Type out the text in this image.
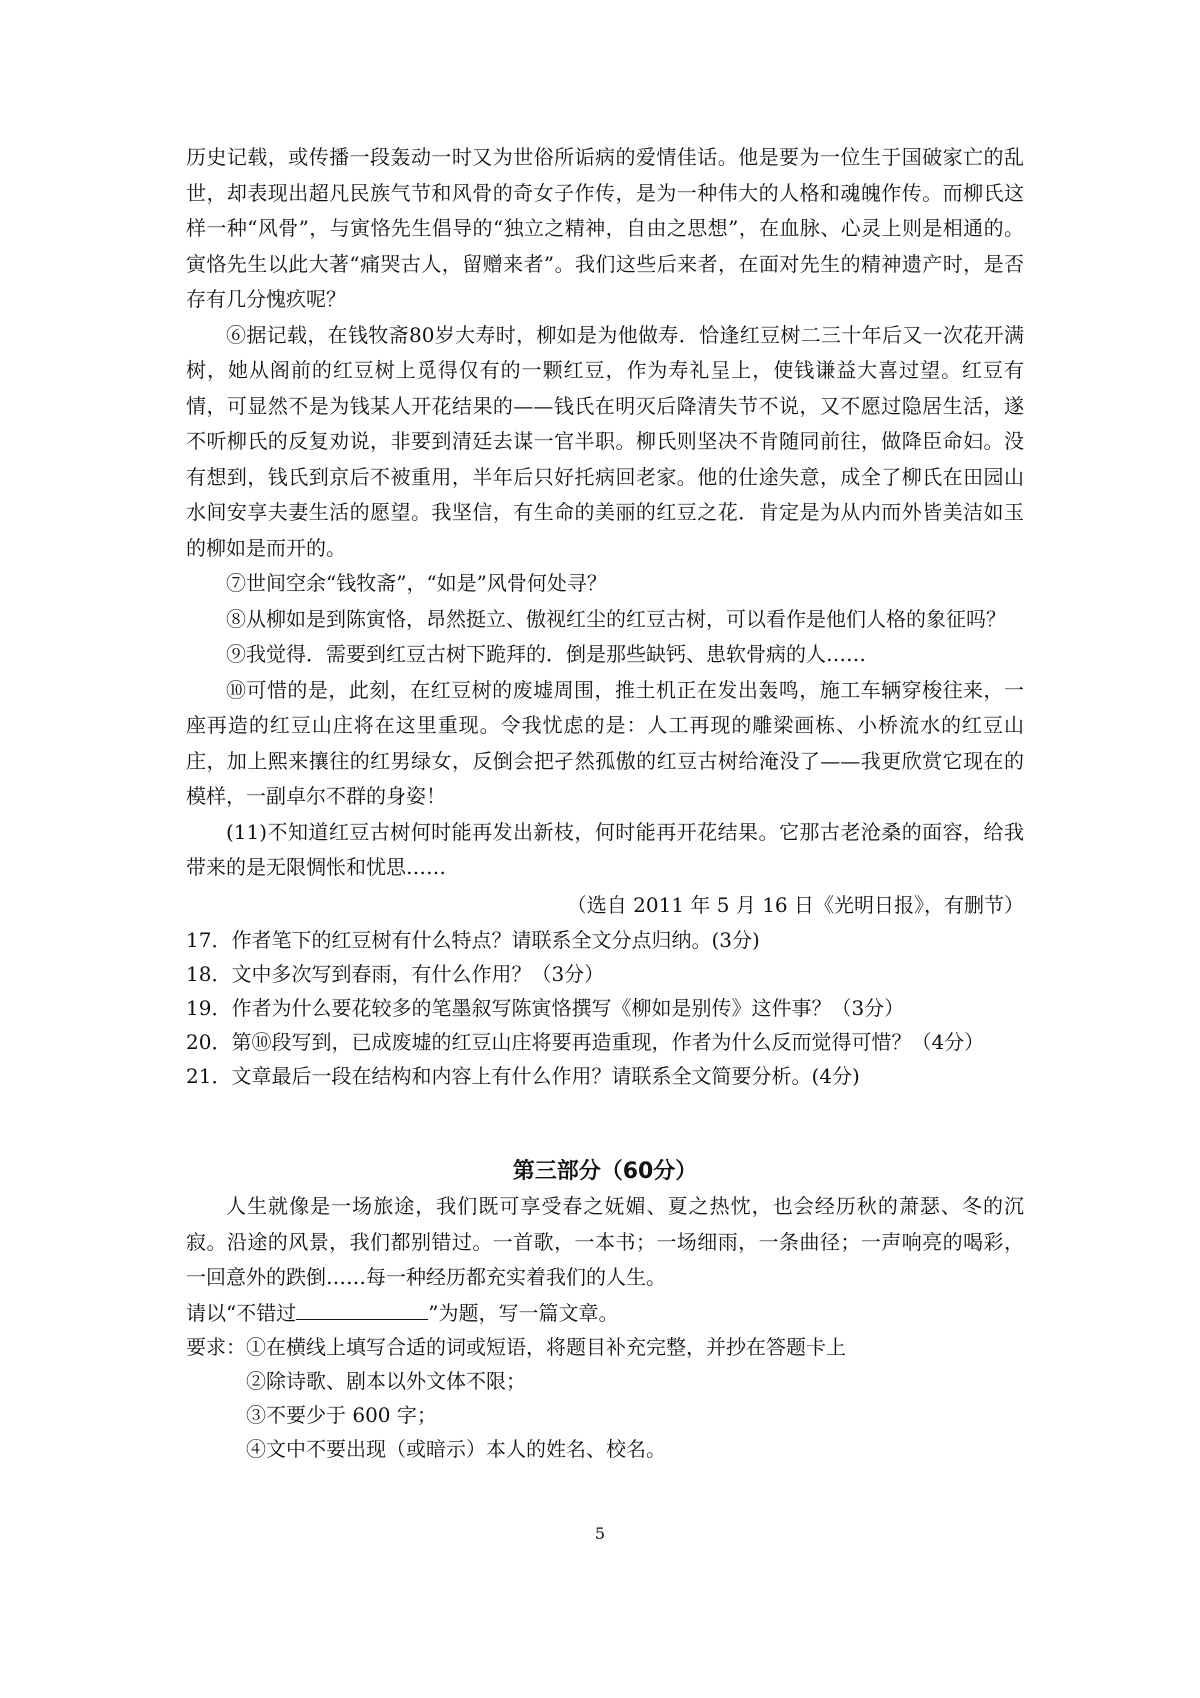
历史记载，或传播一段轰动一时又为世俗所诟病的爱情佳话。他是要为一位生于国破家亡的乱世，却表现出超凡民族气节和风骨的奇女子作传，是为一种伟大的人格和魂魄作传。而柳氏这样一种“风骨”，与寅恪先生倡导的“独立之精神，自由之思想”，在血脉、心灵上则是相通的。寅恪先生以此大著“痛哭古人，留赠来者”。我们这些后来者，在面对先生的精神遗产时，是否存有几分愧疚呢？

⑥据记载，在钱牧斋80岁大寿时，柳如是为他做寿．恰逢红豆树二三十年后又一次花开满树，她从阁前的红豆树上觅得仅有的一颗红豆，作为寿礼呈上，使钱谦益大喜过望。红豆有情，可显然不是为钱某人开花结果的——钱氏在明灭后降清失节不说，又不愿过隐居生活，遂不听柳氏的反复劝说，非要到清廷去谋一官半职。柳氏则坚决不肯随同前往，做降臣命妇。没有想到，钱氏到京后不被重用，半年后只好托病回老家。他的仕途失意，成全了柳氏在田园山水间安享夫妻生活的愿望。我坚信，有生命的美丽的红豆之花．肯定是为从内而外皆美洁如玉的柳如是而开的。

⑦世间空余“钱牧斋”，“如是”风骨何处寻？

⑧从柳如是到陈寅恪，昂然挺立、傲视红尘的红豆古树，可以看作是他们人格的象征吗？

⑨我觉得．需要到红豆古树下跪拜的．倒是那些缺钙、患软骨病的人……

⑩可惜的是，此刻，在红豆树的废墟周围，推土机正在发出轰鸣，施工车辆穿梭往来，一座再造的红豆山庄将在这里重现。令我忧虑的是：人工再现的雕梁画栋、小桥流水的红豆山庄，加上熙来攘往的红男绿女，反倒会把孑然孤傲的红豆古树给淹没了——我更欣赏它现在的模样，一副卓尔不群的身姿！

(11)不知道红豆古树何时能再发出新枝，何时能再开花结果。它那古老沧桑的面容，给我带来的是无限惆怅和忧思……

（选自 2011 年 5 月 16 日《光明日报》，有删节）

17．作者笔下的红豆树有什么特点？请联系全文分点归纳。(3分)

18．文中多次写到春雨，有什么作用？（3分）

19．作者为什么要花较多的笔墨叙写陈寅恪撰写《柳如是别传》这件事？（3分）

20．第⑩段写到，已成废墟的红豆山庄将要再造重现，作者为什么反而觉得可惜？（4分）

21．文章最后一段在结构和内容上有什么作用？请联系全文简要分析。(4分)

第三部分（60分）

人生就像是一场旅途，我们既可享受春之妩媚、夏之热忱，也会经历秋的萧瑟、冬的沉寂。沿途的风景，我们都别错过。一首歌，一本书；一场细雨，一条曲径；一声响亮的喝彩，一回意外的跌倒……每一种经历都充实着我们的人生。

请以“不错过	”为题，写一篇文章。

要求：①在横线上填写合适的词或短语，将题目补充完整，并抄在答题卡上

②除诗歌、剧本以外文体不限；

③不要少于 600 字；

④文中不要出现（或暗示）本人的姓名、校名。

5
